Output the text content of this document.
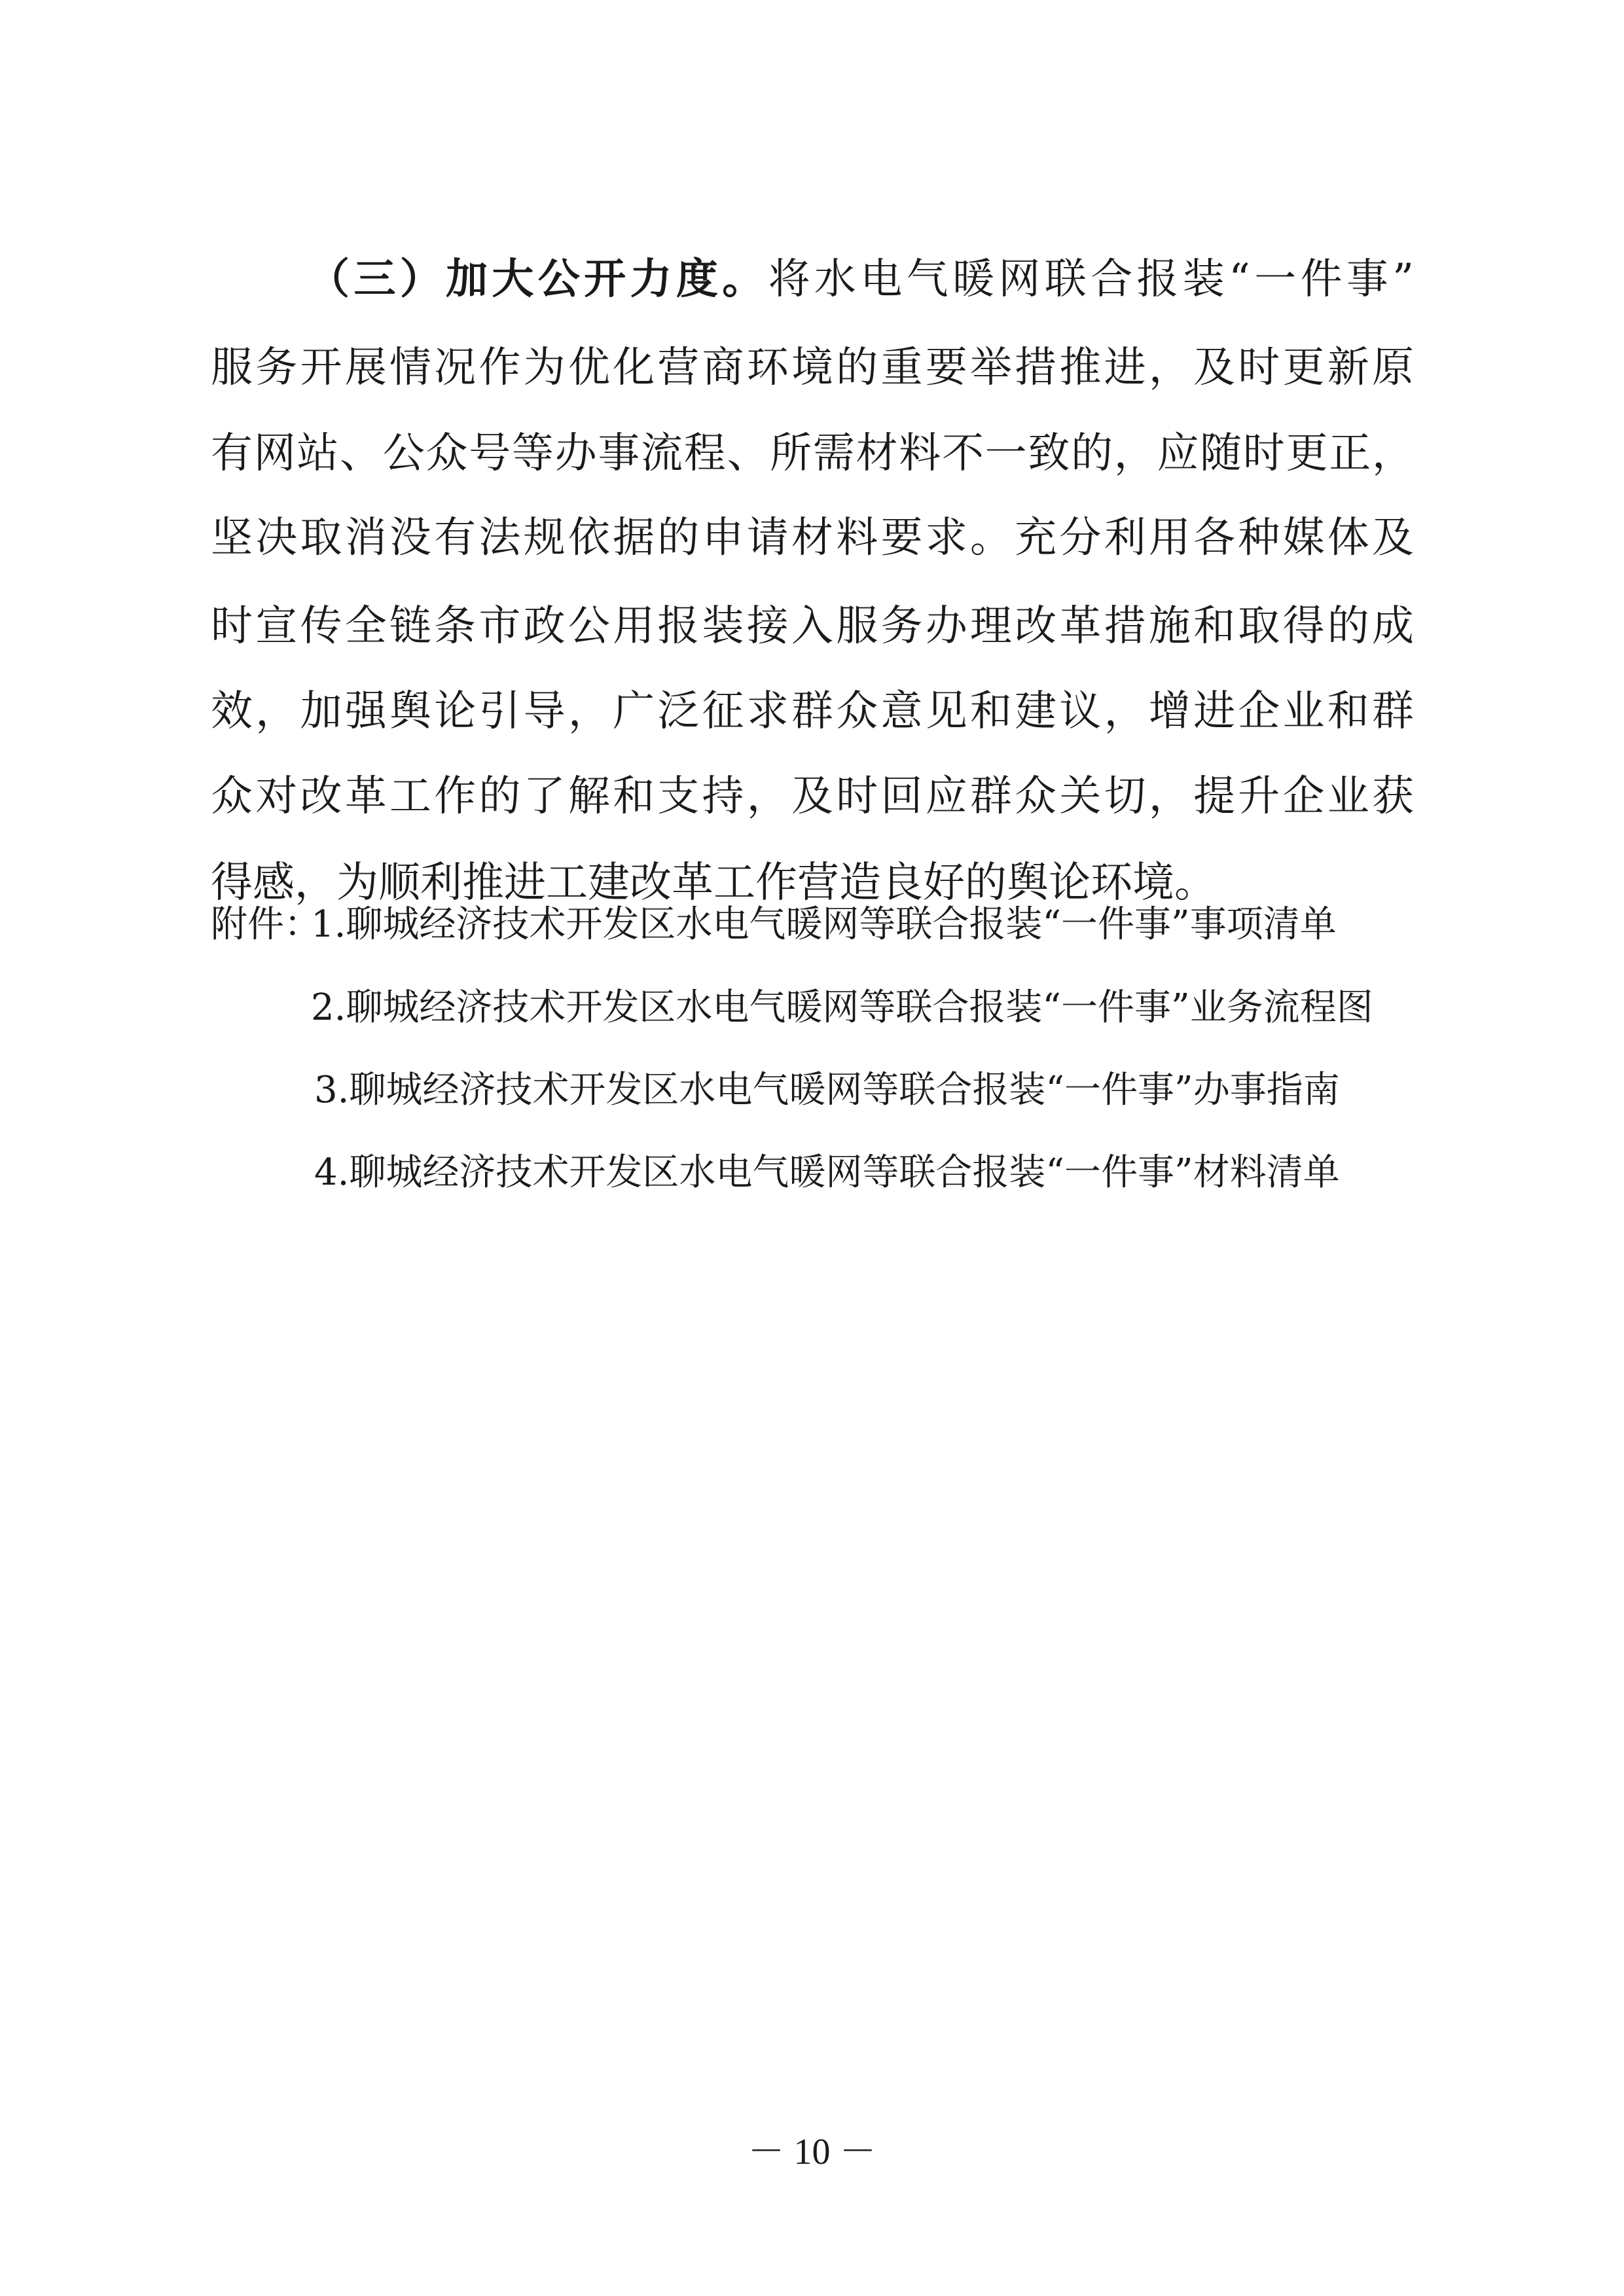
（三）加大公开力度。将水电气暖网联合报装“一件事”
服务开展情况作为优化营商环境的重要举措推进，及时更新原
有网站、公众号等办事流程、所需材料不一致的，应随时更正，
坚决取消没有法规依据的申请材料要求。充分利用各种媒体及
时宣传全链条市政公用报装接入服务办理改革措施和取得的成
效，加强舆论引导，广泛征求群众意见和建议，增进企业和群
众对改革工作的了解和支持，及时回应群众关切，提升企业获
得感，为顺利推进工建改革工作营造良好的舆论环境。
附件：
1.聊城经济技术开发区水电气暖网等联合报装“一件事”事项清单
2.聊城经济技术开发区水电气暖网等联合报装“一件事”业务流程图
3.聊城经济技术开发区水电气暖网等联合报装“一件事”办事指南
4.聊城经济技术开发区水电气暖网等联合报装“一件事”材料清单
－ 10 －
